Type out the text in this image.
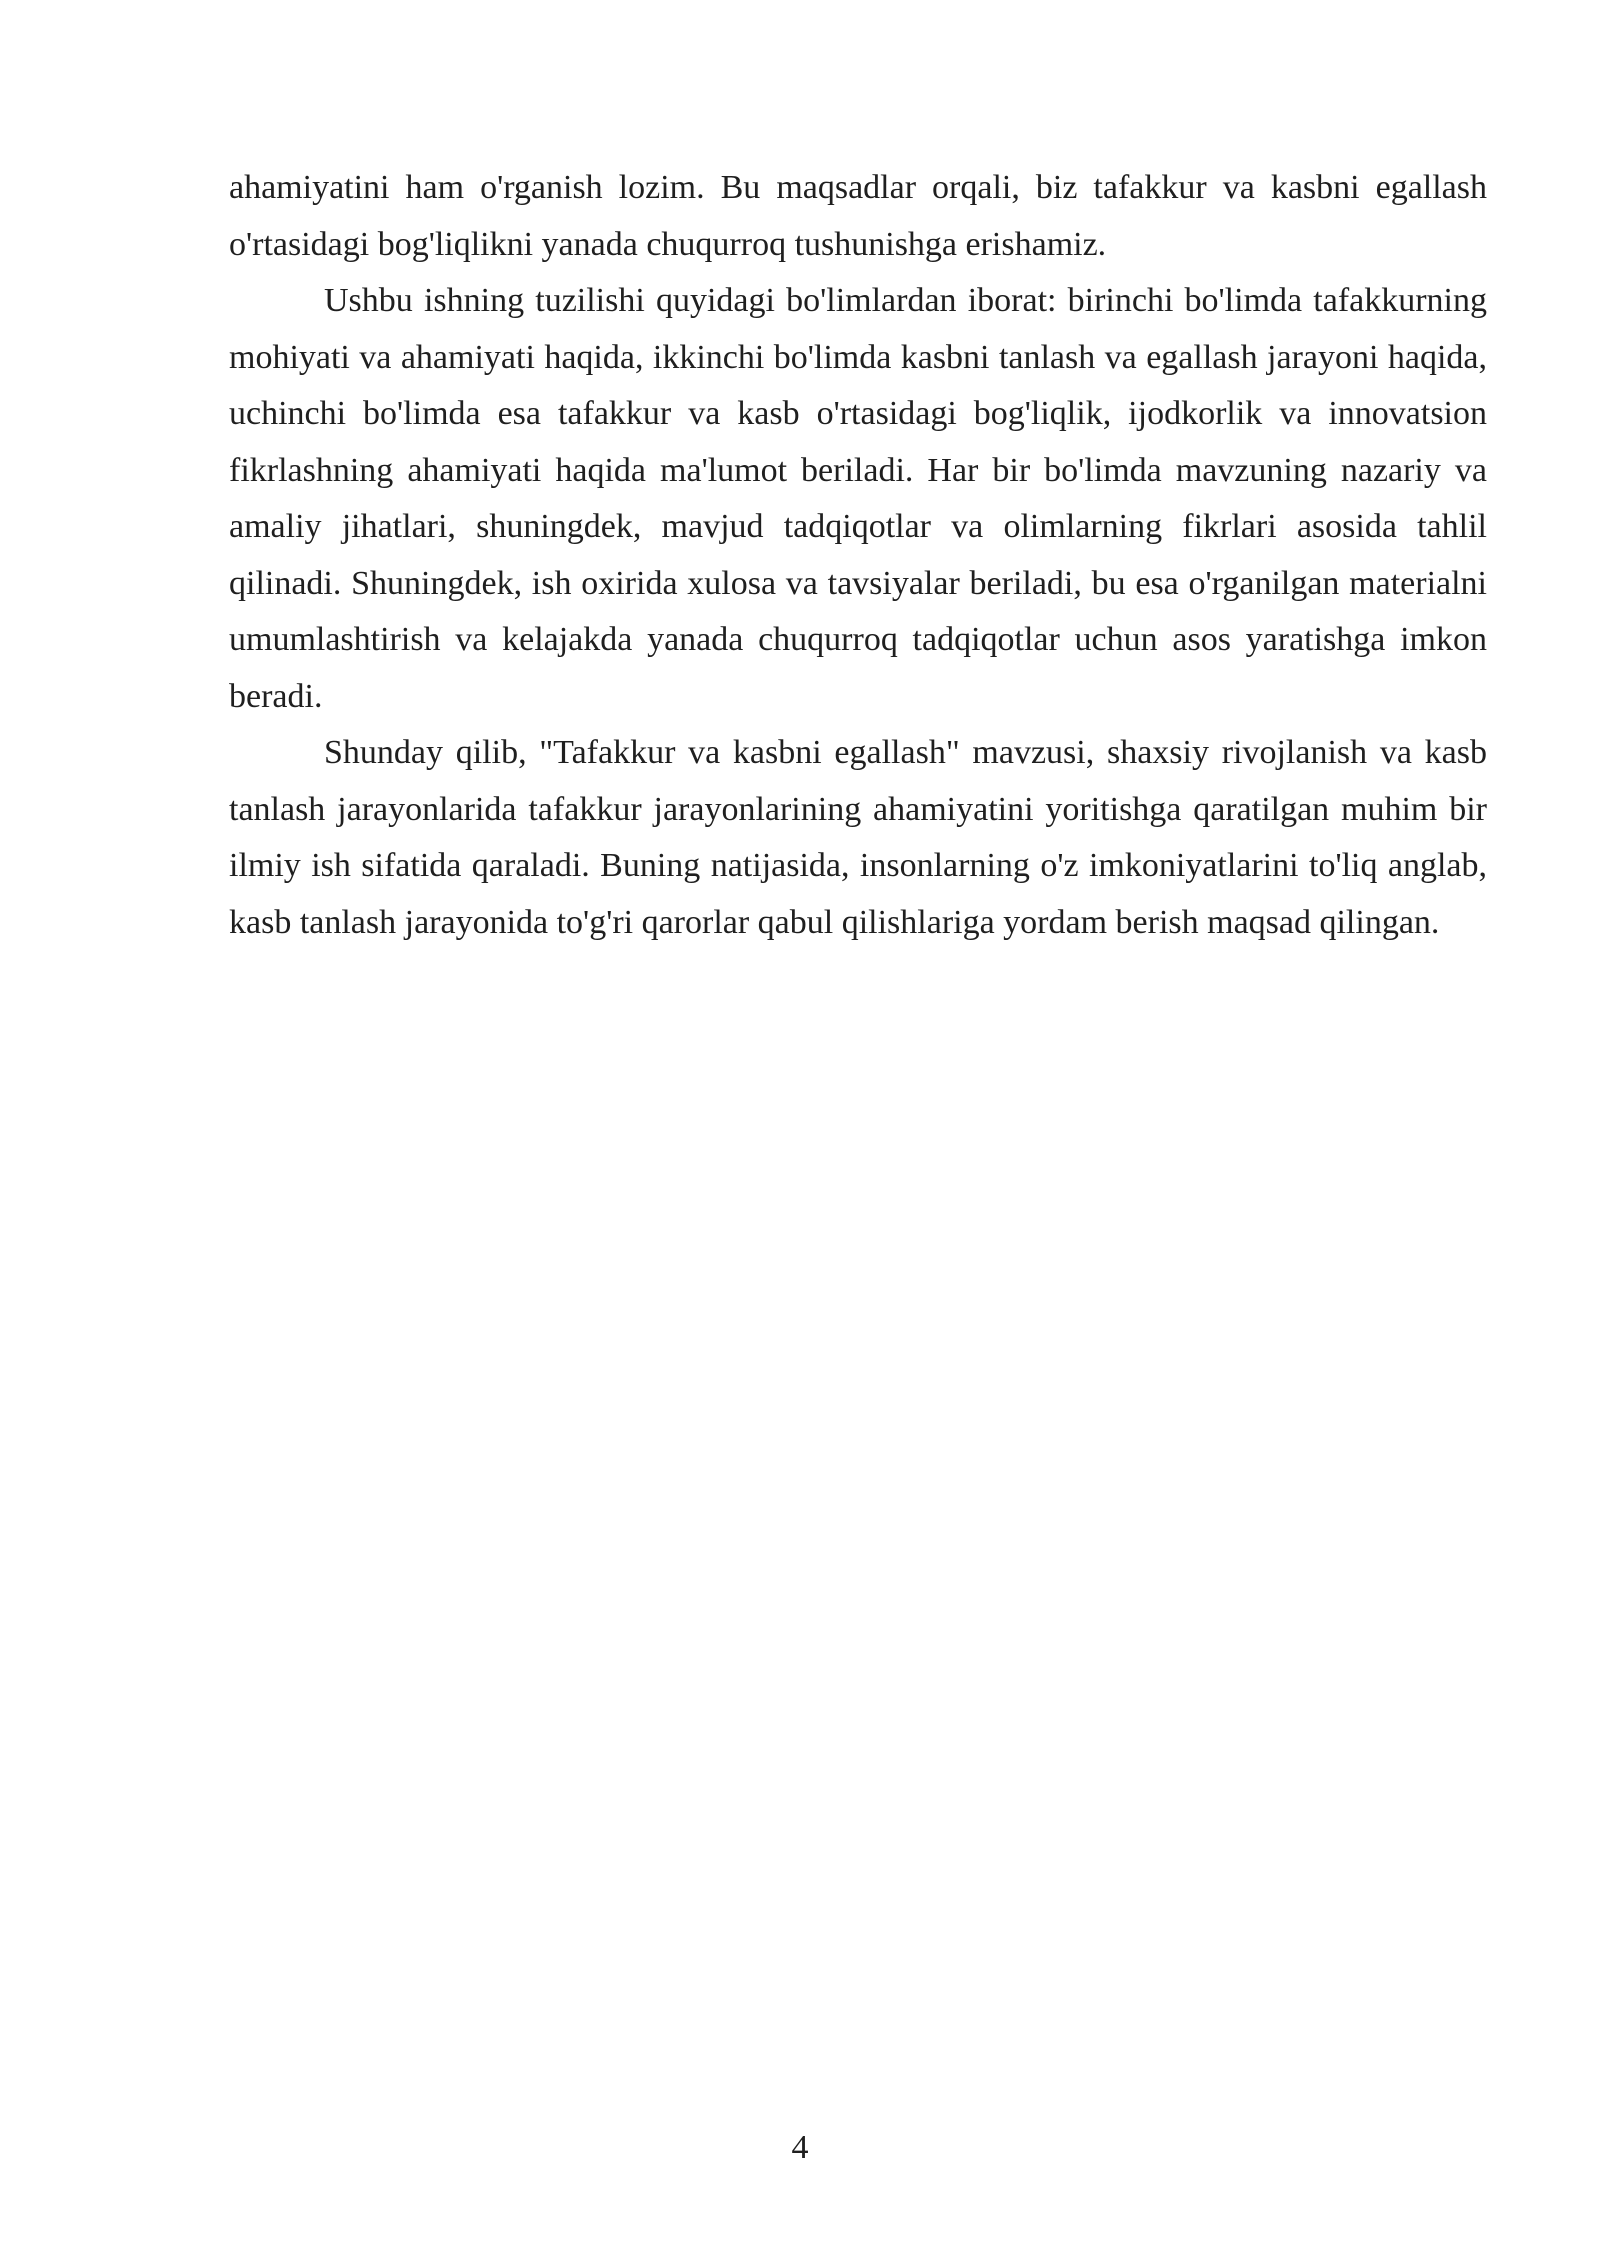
ahamiyatini ham o'rganish lozim. Bu maqsadlar orqali, biz tafakkur va kasbni egallash o'rtasidagi bog'liqlikni yanada chuqurroq tushunishga erishamiz.

Ushbu ishning tuzilishi quyidagi bo'limlardan iborat: birinchi bo'limda tafakkurning mohiyati va ahamiyati haqida, ikkinchi bo'limda kasbni tanlash va egallash jarayoni haqida, uchinchi bo'limda esa tafakkur va kasb o'rtasidagi bog'liqlik, ijodkorlik va innovatsion fikrlashning ahamiyati haqida ma'lumot beriladi. Har bir bo'limda mavzuning nazariy va amaliy jihatlari, shuningdek, mavjud tadqiqotlar va olimlarning fikrlari asosida tahlil qilinadi. Shuningdek, ish oxirida xulosa va tavsiyalar beriladi, bu esa o'rganilgan materialni umumlashtirish va kelajakda yanada chuqurroq tadqiqotlar uchun asos yaratishga imkon beradi.

Shunday qilib, "Tafakkur va kasbni egallash" mavzusi, shaxsiy rivojlanish va kasb tanlash jarayonlarida tafakkur jarayonlarining ahamiyatini yoritishga qaratilgan muhim bir ilmiy ish sifatida qaraladi. Buning natijasida, insonlarning o'z imkoniyatlarini to'liq anglab, kasb tanlash jarayonida to'g'ri qarorlar qabul qilishlariga yordam berish maqsad qilingan.

4
